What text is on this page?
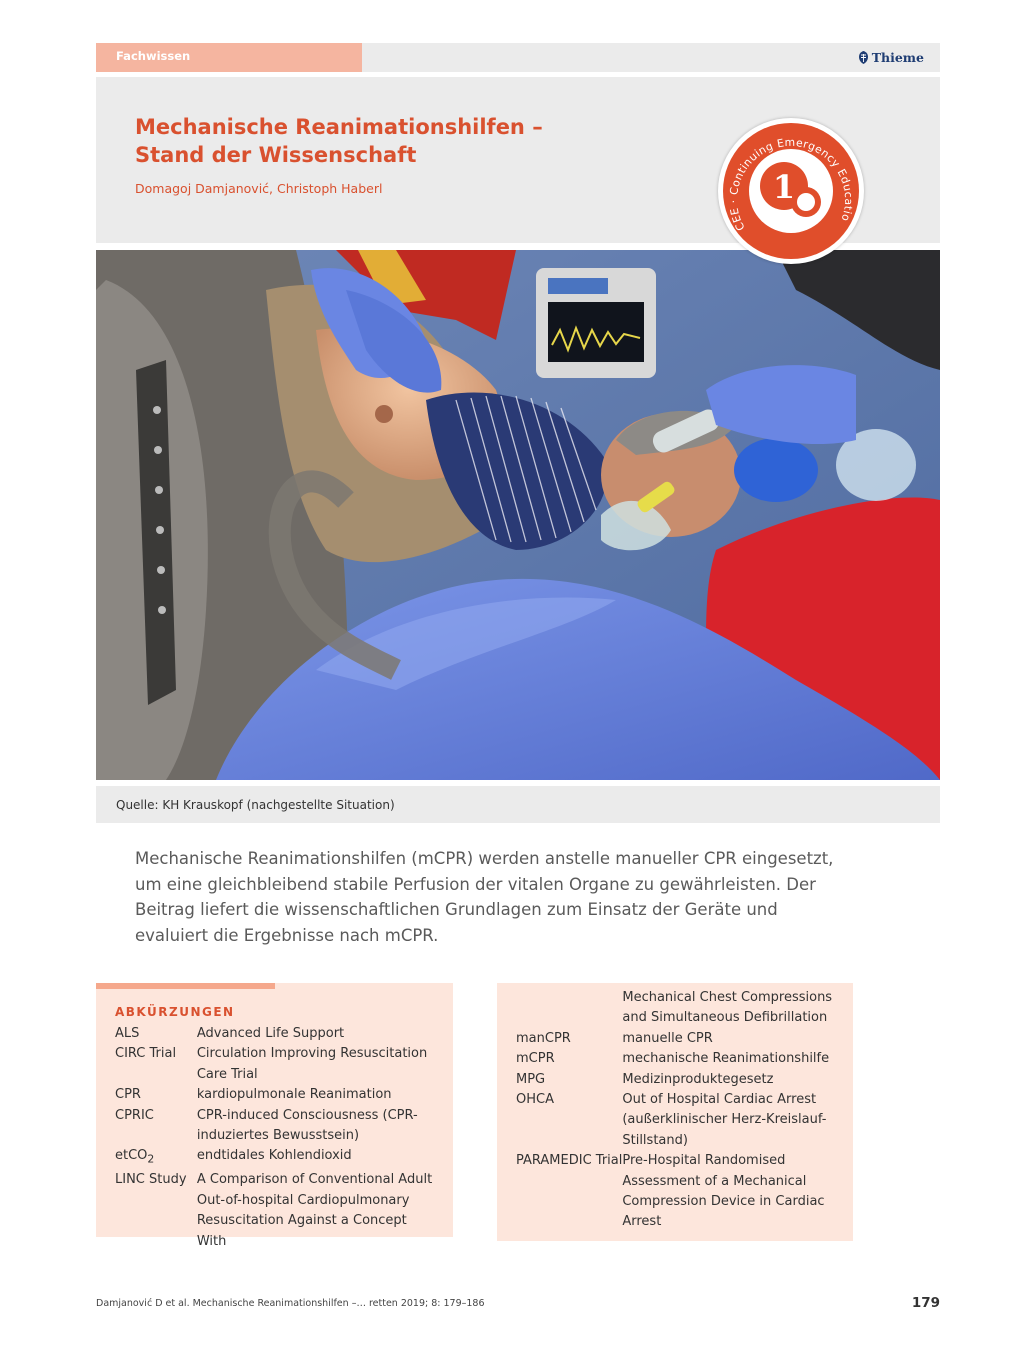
Fachwissen	Thieme
Mechanische Reanimationshilfen –
Stand der Wissenschaft
Domagoj Damjanović, Christoph Haberl
CEE · Continuing Emergency Educatio
1
Quelle: KH Krauskopf (nachgestellte Situation)

Mechanische Reanimationshilfen (mCPR) werden anstelle manueller CPR eingesetzt, um eine gleichbleibend stabile Perfusion der vitalen Organe zu gewährleisten. Der Beitrag liefert die wissenschaftlichen Grundlagen zum Einsatz der Geräte und evaluiert die Ergebnisse nach mCPR.

ABKÜRZUNGEN
ALS	Advanced Life Support
CIRC Trial	Circulation Improving Resuscitation Care Trial
CPR	kardiopulmonale Reanimation
CPRIC	CPR-induced Consciousness (CPR-induziertes Bewusstsein)
etCO$_2$	endtidales Kohlendioxid
LINC Study	A Comparison of Conventional Adult Out-of-hospital Cardiopulmonary Resuscitation Against a Concept With
	Mechanical Chest Compressions and Simultaneous Defibrillation
manCPR	manuelle CPR
mCPR	mechanische Reanimationshilfe
MPG	Medizinproduktegesetz
OHCA	Out of Hospital Cardiac Arrest (außerklinischer Herz-Kreislauf-Stillstand)
PARAMEDIC Trial	Pre-Hospital Randomised Assessment of a Mechanical Compression Device in Cardiac Arrest
Damjanović D et al. Mechanische Reanimationshilfen –… retten 2019; 8: 179–186	179
